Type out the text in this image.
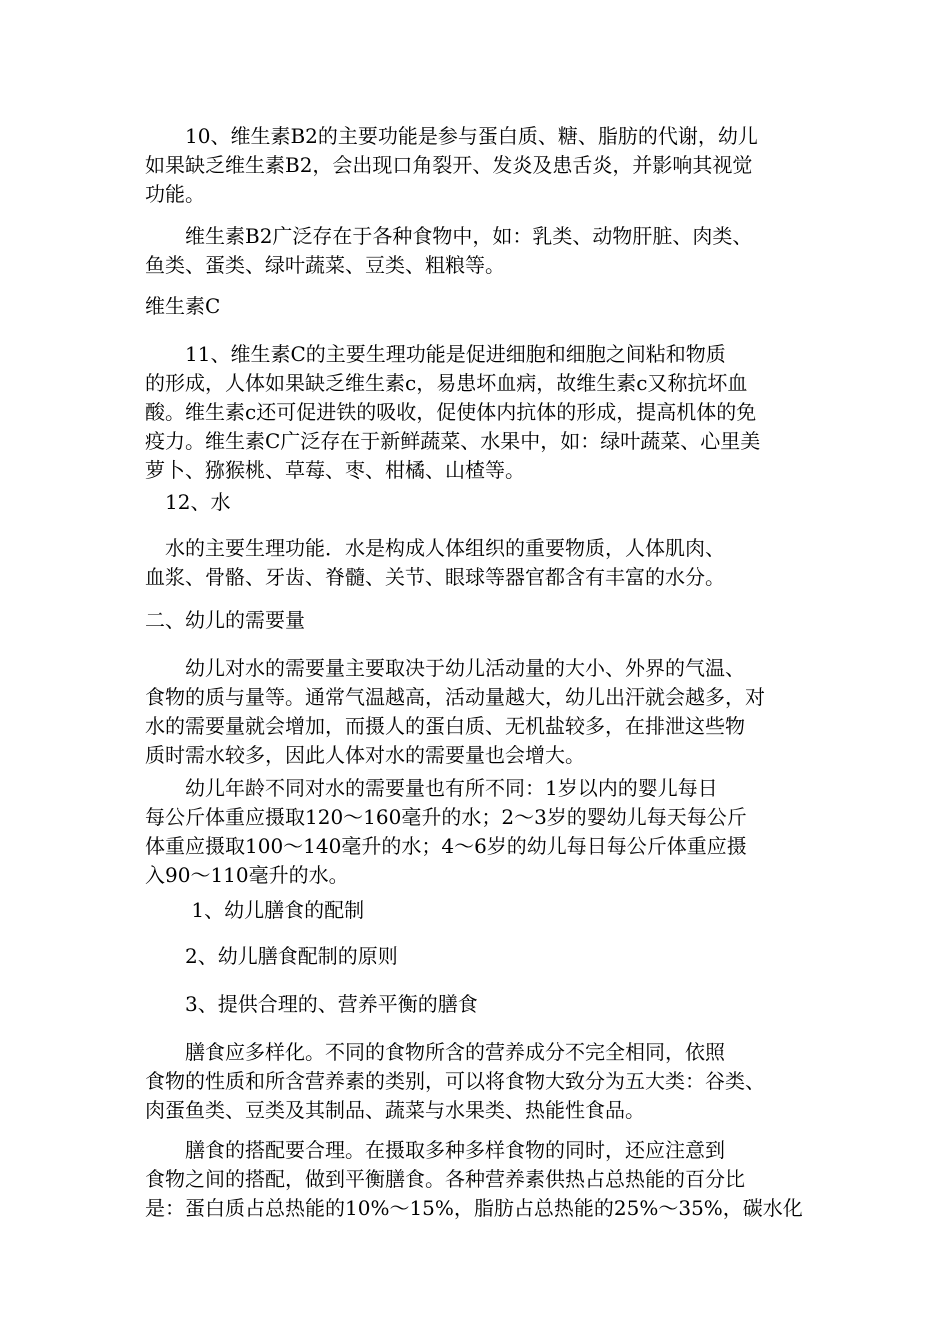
　　10、维生素B2的主要功能是参与蛋白质、糖、脂肪的代谢，幼儿
如果缺乏维生素B2，会出现口角裂开、发炎及患舌炎，并影响其视觉
功能。
　　维生素B2广泛存在于各种食物中，如：乳类、动物肝脏、肉类、
鱼类、蛋类、绿叶蔬菜、豆类、粗粮等。
维生素C
　　11、维生素C的主要生理功能是促进细胞和细胞之间粘和物质
的形成，人体如果缺乏维生素c，易患坏血病，故维生素c又称抗坏血
酸。维生素c还可促进铁的吸收，促使体内抗体的形成，提高机体的免
疫力。维生素C广泛存在于新鲜蔬菜、水果中，如：绿叶蔬菜、心里美
萝卜、猕猴桃、草莓、枣、柑橘、山楂等。
　12、水
　水的主要生理功能．水是构成人体组织的重要物质，人体肌肉、
血浆、骨骼、牙齿、脊髓、关节、眼球等器官都含有丰富的水分。
二、幼儿的需要量
　　幼儿对水的需要量主要取决于幼儿活动量的大小、外界的气温、
食物的质与量等。通常气温越高，活动量越大，幼儿出汗就会越多，对
水的需要量就会增加，而摄人的蛋白质、无机盐较多，在排泄这些物
质时需水较多，因此人体对水的需要量也会增大。
　　幼儿年龄不同对水的需要量也有所不同：1岁以内的婴儿每日
每公斤体重应摄取120～160毫升的水；2～3岁的婴幼儿每天每公斤
体重应摄取100～140毫升的水；4～6岁的幼儿每日每公斤体重应摄
入90～110毫升的水。
　　 1、幼儿膳食的配制
　　2、幼儿膳食配制的原则
　　3、提供合理的、营养平衡的膳食
　　膳食应多样化。不同的食物所含的营养成分不完全相同，依照
食物的性质和所含营养素的类别，可以将食物大致分为五大类：谷类、
肉蛋鱼类、豆类及其制品、蔬菜与水果类、热能性食品。
　　膳食的搭配要合理。在摄取多种多样食物的同时，还应注意到
食物之间的搭配，做到平衡膳食。各种营养素供热占总热能的百分比
是：蛋白质占总热能的10%～15%，脂肪占总热能的25%～35%，碳水化
